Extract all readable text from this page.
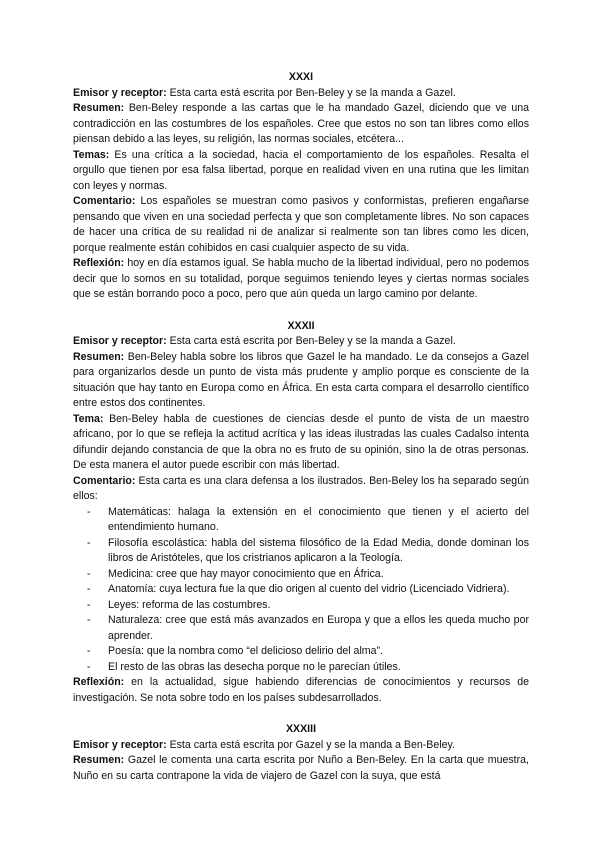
XXXI

Emisor y receptor: Esta carta está escrita por Ben-Beley y se la manda a Gazel.

Resumen: Ben-Beley responde a las cartas que le ha mandado Gazel, diciendo que ve una contradicción en las costumbres de los españoles. Cree que estos no son tan libres como ellos piensan debido a las leyes, su religión, las normas sociales, etcétera...

Temas: Es una crítica a la sociedad, hacia el comportamiento de los españoles. Resalta el orgullo que tienen por esa falsa libertad, porque en realidad viven en una rutina que les limitan con leyes y normas.

Comentario: Los españoles se muestran como pasivos y conformistas, prefieren engañarse pensando que viven en una sociedad perfecta y que son completamente libres. No son capaces de hacer una crítica de su realidad ni de analizar si realmente son tan libres como les dicen, porque realmente están cohibidos en casi cualquier aspecto de su vida.

Reflexión: hoy en día estamos igual. Se habla mucho de la libertad individual, pero no podemos decir que lo somos en su totalidad, porque seguimos teniendo leyes y ciertas normas sociales que se están borrando poco a poco, pero que aún queda un largo camino por delante.

XXXII

Emisor y receptor: Esta carta está escrita por Ben-Beley y se la manda a Gazel.

Resumen: Ben-Beley habla sobre los libros que Gazel le ha mandado. Le da consejos a Gazel para organizarlos desde un punto de vista más prudente y amplio porque es consciente de la situación que hay tanto en Europa como en África. En esta carta compara el desarrollo científico entre estos dos continentes.

Tema: Ben-Beley habla de cuestiones de ciencias desde el punto de vista de un maestro africano, por lo que se refleja la actitud acrítica y las ideas ilustradas las cuales Cadalso intenta difundir dejando constancia de que la obra no es fruto de su opinión, sino la de otras personas. De esta manera el autor puede escribir con más libertad.

Comentario: Esta carta es una clara defensa a los ilustrados. Ben-Beley los ha separado según ellos:

- Matemáticas: halaga la extensión en el conocimiento que tienen y el acierto del entendimiento humano.
- Filosofía escolástica: habla del sistema filosófico de la Edad Media, donde dominan los libros de Aristóteles, que los cristrianos aplicaron a la Teología.
- Medicina: cree que hay mayor conocimiento que en África.
- Anatomía: cuya lectura fue la que dio origen al cuento del vidrio (Licenciado Vidriera).
- Leyes: reforma de las costumbres.
- Naturaleza: cree que está más avanzados en Europa y que a ellos les queda mucho por aprender.
- Poesía: que la nombra como “el delicioso delirio del alma”.
- El resto de las obras las desecha porque no le parecían útiles.

Reflexión: en la actualidad, sigue habiendo diferencias de conocimientos y recursos de investigación. Se nota sobre todo en los países subdesarrollados.

XXXIII

Emisor y receptor: Esta carta está escrita por Gazel y se la manda a Ben-Beley.

Resumen: Gazel le comenta una carta escrita por Nuño a Ben-Beley. En la carta que muestra, Nuño en su carta contrapone la vida de viajero de Gazel con la suya, que está
